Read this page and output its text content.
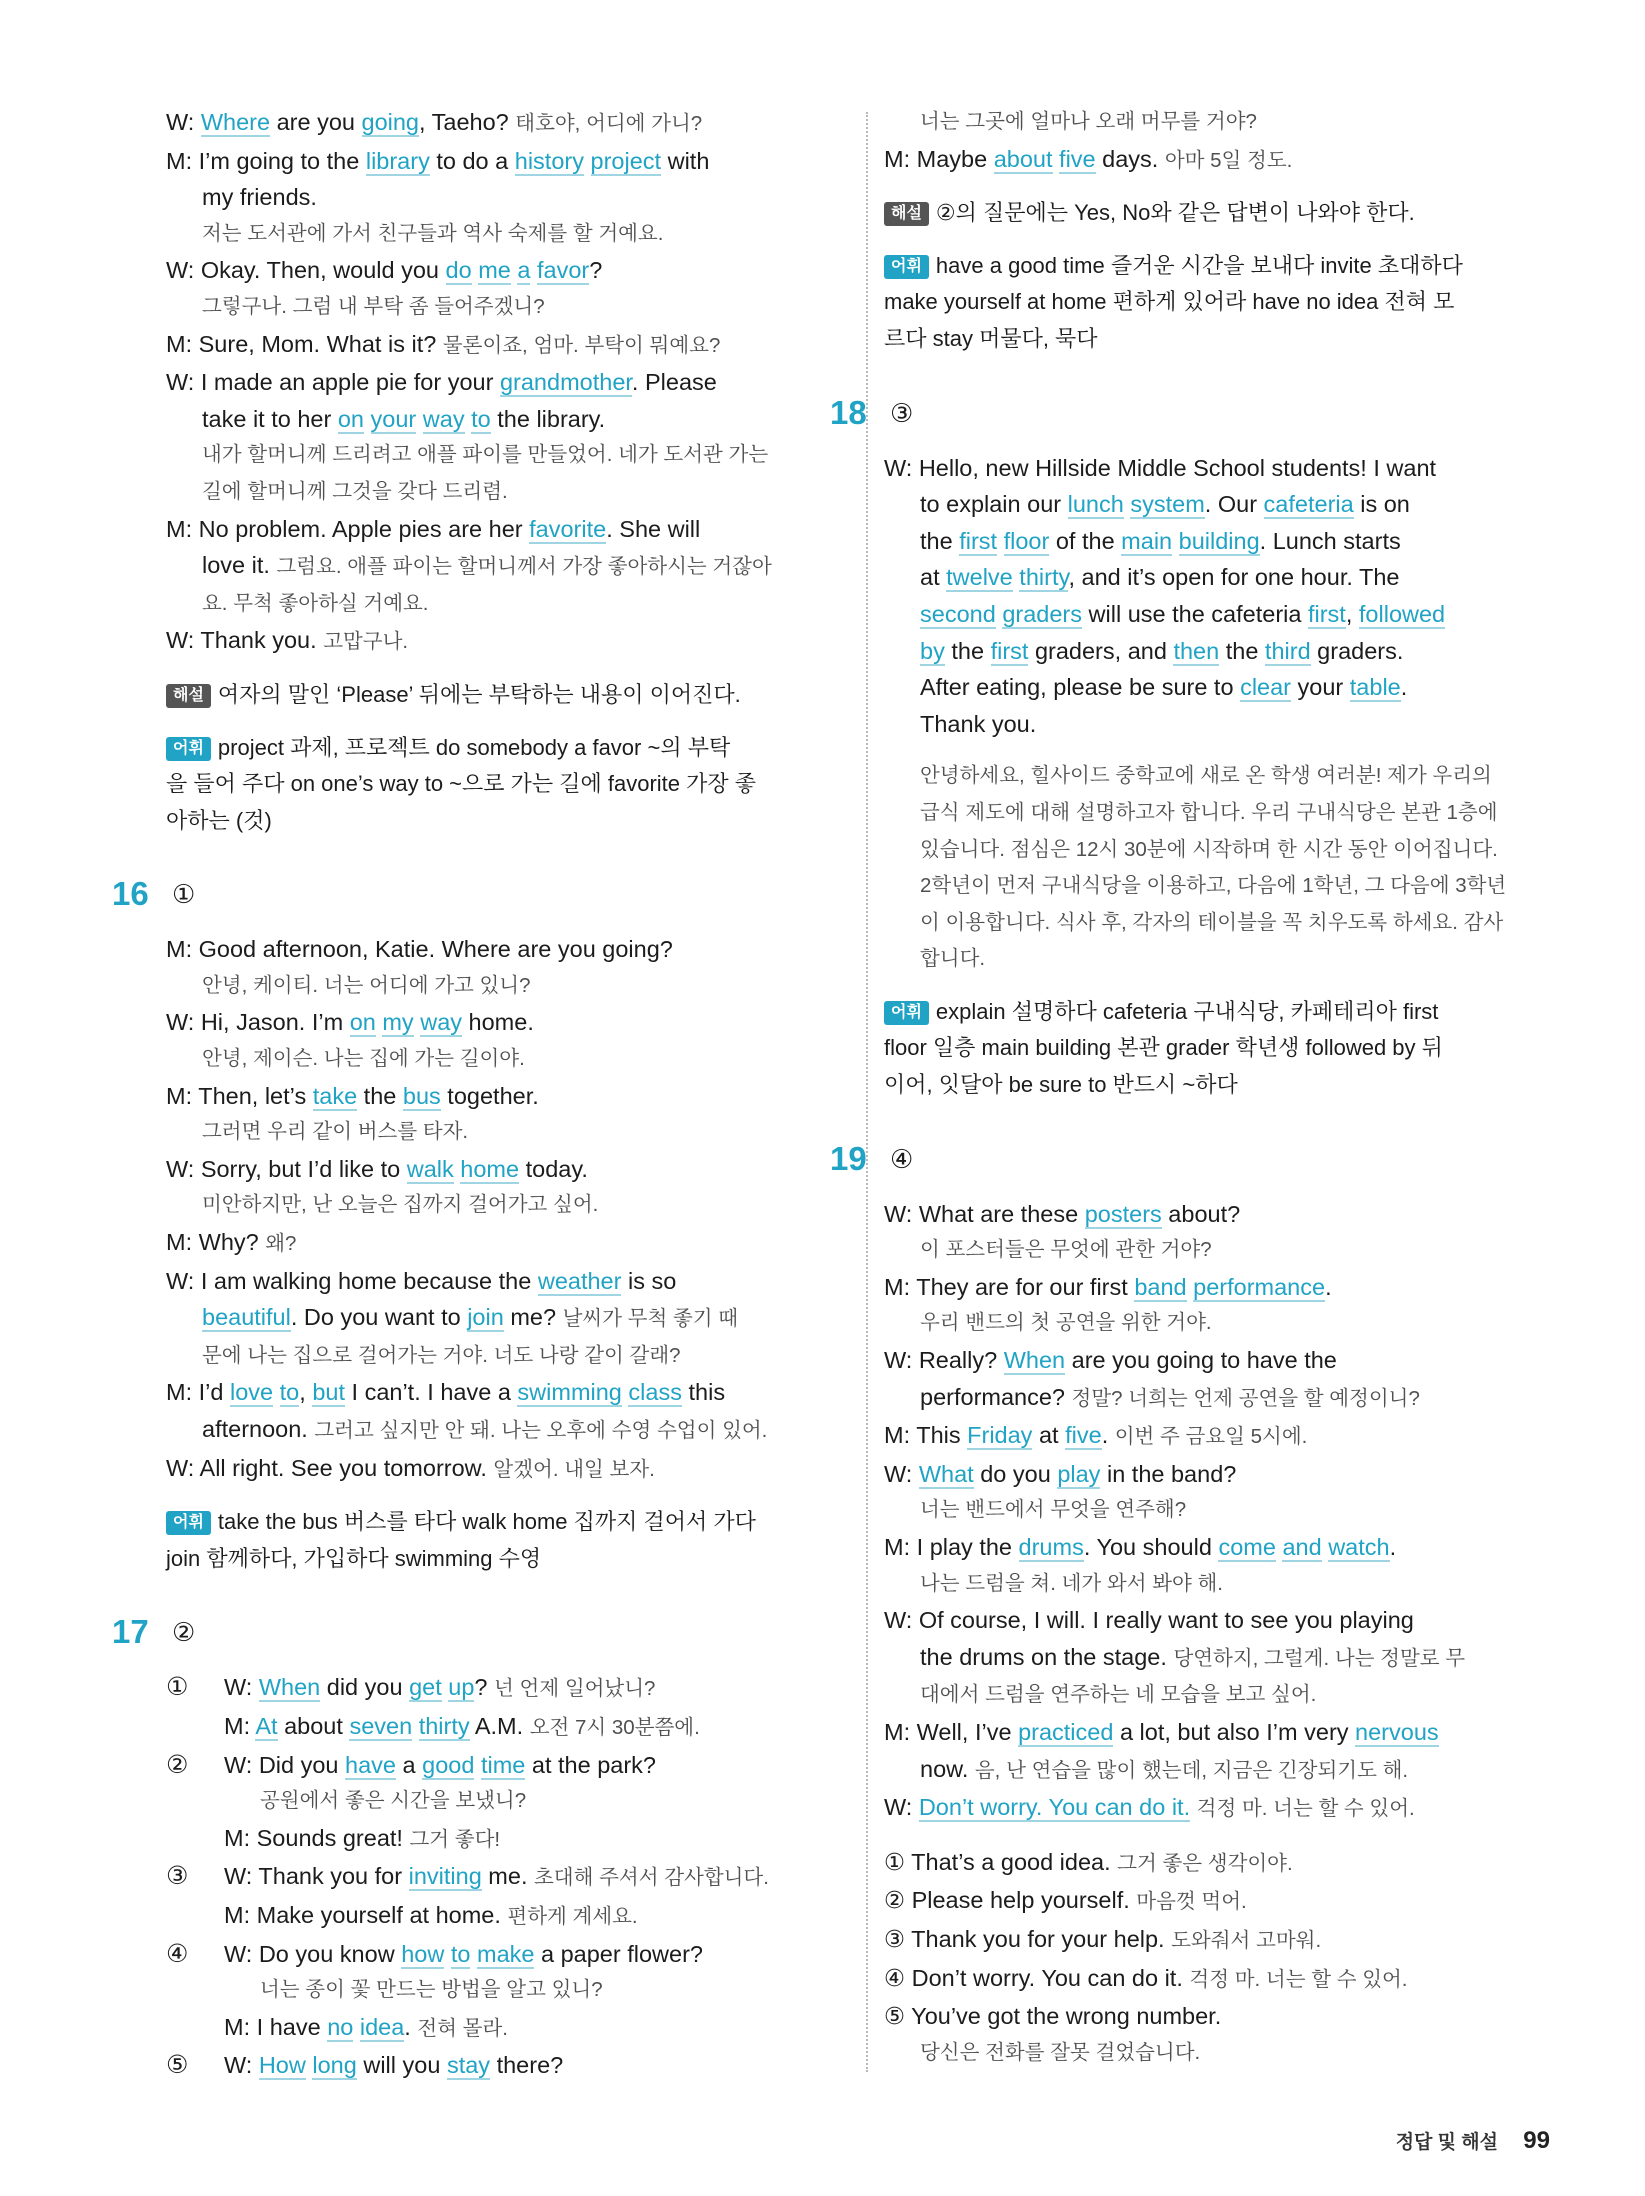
W: Where are you going, Taeho? 태호야, 어디에 가니?
M: I’m going to the library to do a history project with
my friends.
저는 도서관에 가서 친구들과 역사 숙제를 할 거예요.
W: Okay. Then, would you do me a favor?
그렇구나. 그럼 내 부탁 좀 들어주겠니?
M: Sure, Mom. What is it? 물론이죠, 엄마. 부탁이 뭐예요?
W: I made an apple pie for your grandmother. Please
take it to her on your way to the library.
내가 할머니께 드리려고 애플 파이를 만들었어. 네가 도서관 가는
길에 할머니께 그것을 갖다 드리렴.
M: No problem. Apple pies are her favorite. She will
love it. 그럼요. 애플 파이는 할머니께서 가장 좋아하시는 거잖아
요. 무척 좋아하실 거예요.
W: Thank you. 고맙구나.
해설 여자의 말인 ‘Please’ 뒤에는 부탁하는 내용이 이어진다.
어휘 project 과제, 프로젝트 do somebody a favor ~의 부탁
을 들어 주다 on one’s way to ~으로 가는 길에 favorite 가장 좋
아하는 (것)
16 ①
M: Good afternoon, Katie. Where are you going?
안녕, 케이티. 너는 어디에 가고 있니?
W: Hi, Jason. I’m on my way home.
안녕, 제이슨. 나는 집에 가는 길이야.
M: Then, let’s take the bus together.
그러면 우리 같이 버스를 타자.
W: Sorry, but I’d like to walk home today.
미안하지만, 난 오늘은 집까지 걸어가고 싶어.
M: Why? 왜?
W: I am walking home because the weather is so
beautiful. Do you want to join me? 날씨가 무척 좋기 때
문에 나는 집으로 걸어가는 거야. 너도 나랑 같이 갈래?
M: I’d love to, but I can’t. I have a swimming class this
afternoon. 그러고 싶지만 안 돼. 나는 오후에 수영 수업이 있어.
W: All right. See you tomorrow. 알겠어. 내일 보자.
어휘 take the bus 버스를 타다 walk home 집까지 걸어서 가다
join 함께하다, 가입하다 swimming 수영
17 ②
① W: When did you get up? 넌 언제 일어났니?
M: At about seven thirty A.M. 오전 7시 30분쯤에.
② W: Did you have a good time at the park?
공원에서 좋은 시간을 보냈니?
M: Sounds great! 그거 좋다!
③ W: Thank you for inviting me. 초대해 주셔서 감사합니다.
M: Make yourself at home. 편하게 계세요.
④ W: Do you know how to make a paper flower?
너는 종이 꽃 만드는 방법을 알고 있니?
M: I have no idea. 전혀 몰라.
⑤ W: How long will you stay there?
너는 그곳에 얼마나 오래 머무를 거야?
M: Maybe about five days. 아마 5일 정도.
해설 ②의 질문에는 Yes, No와 같은 답변이 나와야 한다.
어휘 have a good time 즐거운 시간을 보내다 invite 초대하다
make yourself at home 편하게 있어라 have no idea 전혀 모
르다 stay 머물다, 묵다
18 ③
W: Hello, new Hillside Middle School students! I want
to explain our lunch system. Our cafeteria is on
the first floor of the main building. Lunch starts
at twelve thirty, and it’s open for one hour. The
second graders will use the cafeteria first, followed
by the first graders, and then the third graders.
After eating, please be sure to clear your table.
Thank you.
안녕하세요, 힐사이드 중학교에 새로 온 학생 여러분! 제가 우리의
급식 제도에 대해 설명하고자 합니다. 우리 구내식당은 본관 1층에
있습니다. 점심은 12시 30분에 시작하며 한 시간 동안 이어집니다.
2학년이 먼저 구내식당을 이용하고, 다음에 1학년, 그 다음에 3학년
이 이용합니다. 식사 후, 각자의 테이블을 꼭 치우도록 하세요. 감사
합니다.
어휘 explain 설명하다 cafeteria 구내식당, 카페테리아 first
floor 일층 main building 본관 grader 학년생 followed by 뒤
이어, 잇달아 be sure to 반드시 ~하다
19 ④
W: What are these posters about?
이 포스터들은 무엇에 관한 거야?
M: They are for our first band performance.
우리 밴드의 첫 공연을 위한 거야.
W: Really? When are you going to have the
performance? 정말? 너희는 언제 공연을 할 예정이니?
M: This Friday at five. 이번 주 금요일 5시에.
W: What do you play in the band?
너는 밴드에서 무엇을 연주해?
M: I play the drums. You should come and watch.
나는 드럼을 쳐. 네가 와서 봐야 해.
W: Of course, I will. I really want to see you playing
the drums on the stage. 당연하지, 그럴게. 나는 정말로 무
대에서 드럼을 연주하는 네 모습을 보고 싶어.
M: Well, I’ve practiced a lot, but also I’m very nervous
now. 음, 난 연습을 많이 했는데, 지금은 긴장되기도 해.
W: Don’t worry. You can do it. 걱정 마. 너는 할 수 있어.
① That’s a good idea. 그거 좋은 생각이야.
② Please help yourself. 마음껏 먹어.
③ Thank you for your help. 도와줘서 고마워.
④ Don’t worry. You can do it. 걱정 마. 너는 할 수 있어.
⑤ You’ve got the wrong number.
당신은 전화를 잘못 걸었습니다.
정답 및 해설 99
